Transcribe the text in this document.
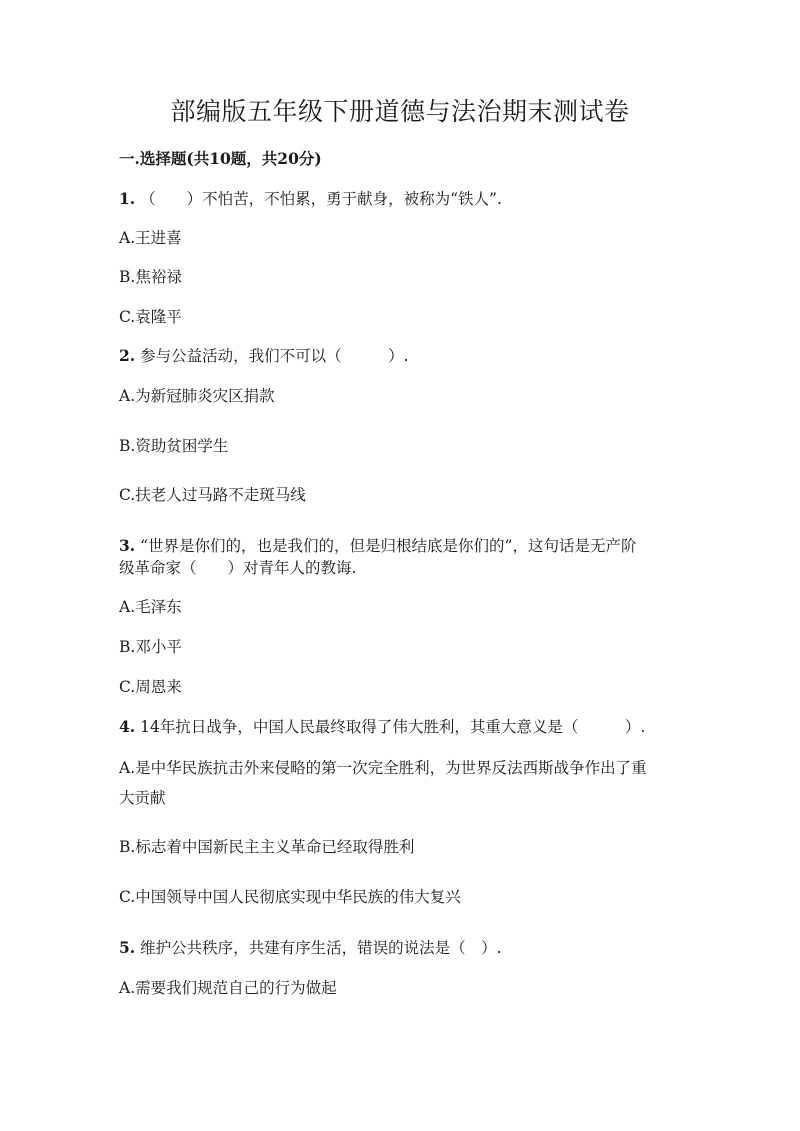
部编版五年级下册道德与法治期末测试卷
一.选择题(共10题，共20分)
1. （　　）不怕苦，不怕累，勇于献身，被称为“铁人”.
A.王进喜
B.焦裕禄
C.袁隆平
2. 参与公益活动，我们不可以（　　　）.
A.为新冠肺炎灾区捐款
B.资助贫困学生
C.扶老人过马路不走斑马线
3. “世界是你们的，也是我们的，但是归根结底是你们的”，这句话是无产阶
级革命家（　　）对青年人的教诲.
A.毛泽东
B.邓小平
C.周恩来
4. 14年抗日战争，中国人民最终取得了伟大胜利，其重大意义是（　　　）.
A.是中华民族抗击外来侵略的第一次完全胜利，为世界反法西斯战争作出了重
大贡献
B.标志着中国新民主主义革命已经取得胜利
C.中国领导中国人民彻底实现中华民族的伟大复兴
5. 维护公共秩序，共建有序生活，错误的说法是（　）.
A.需要我们规范自己的行为做起
